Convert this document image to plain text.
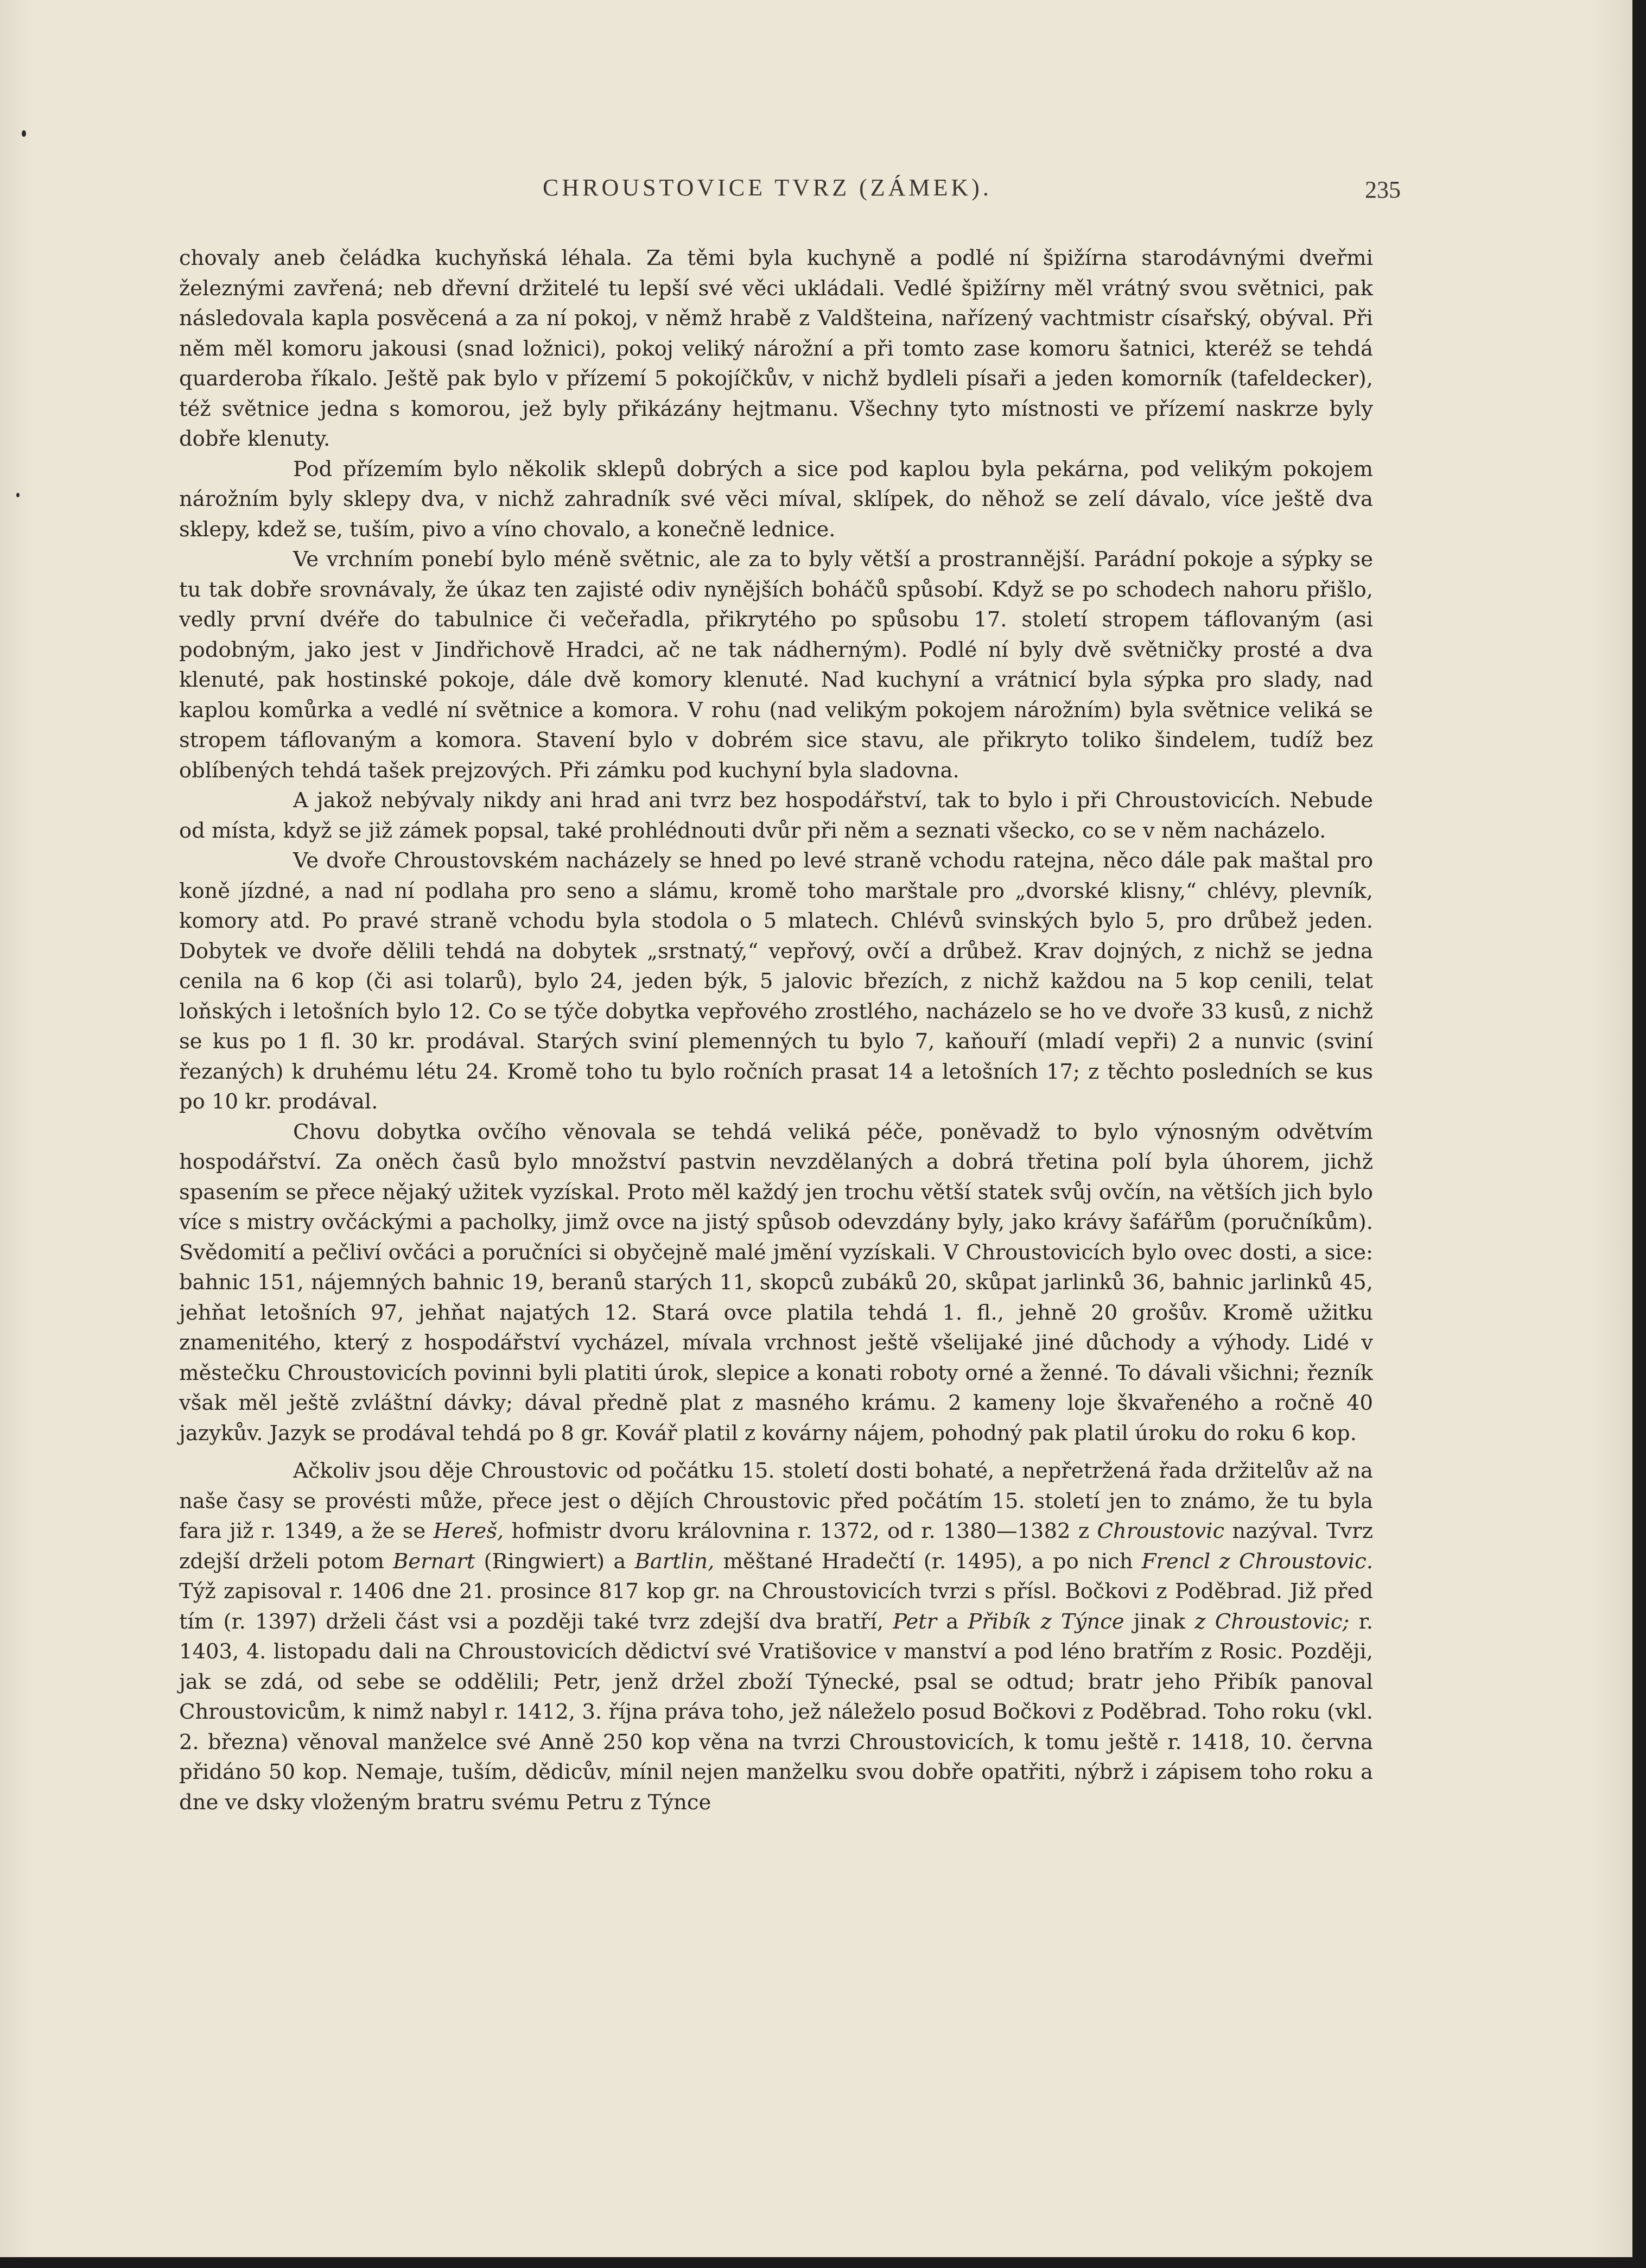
CHROUSTOVICE TVRZ (ZÁMEK).	235

chovaly aneb čeládka kuchyňská léhala. Za těmi byla kuchyně a podlé ní špižírna starodávnými dveřmi železnými zavřená; neb dřevní držitelé tu lepší své věci ukládali. Vedlé špižírny měl vrátný svou světnici, pak následovala kapla posvěcená a za ní pokoj, v němž hrabě z Valdšteina, nařízený vachtmistr císařský, obýval. Při něm měl komoru jakousi (snad ložnici), pokoj veliký nárožní a při tomto zase komoru šatnici, kteréž se tehdá quarderoba říkalo. Ještě pak bylo v přízemí 5 pokojíčkův, v nichž bydleli písaři a jeden komorník (tafeldecker), též světnice jedna s komorou, jež byly přikázány hejtmanu. Všechny tyto místnosti ve přízemí naskrze byly dobře klenuty.

Pod přízemím bylo několik sklepů dobrých a sice pod kaplou byla pekárna, pod velikým pokojem nárožním byly sklepy dva, v nichž zahradník své věci míval, sklípek, do něhož se zelí dávalo, více ještě dva sklepy, kdež se, tuším, pivo a víno chovalo, a konečně lednice.

Ve vrchním ponebí bylo méně světnic, ale za to byly větší a prostrannější. Parádní pokoje a sýpky se tu tak dobře srovnávaly, že úkaz ten zajisté odiv nynějších boháčů spůsobí. Když se po schodech nahoru přišlo, vedly první dvéře do tabulnice či večeřadla, přikrytého po spůsobu 17. století stropem táflovaným (asi podobným, jako jest v Jindřichově Hradci, ač ne tak nádherným). Podlé ní byly dvě světničky prosté a dva klenuté, pak hostinské pokoje, dále dvě komory klenuté. Nad kuchyní a vrátnicí byla sýpka pro slady, nad kaplou komůrka a vedlé ní světnice a komora. V rohu (nad velikým pokojem nárožním) byla světnice veliká se stropem táflovaným a komora. Stavení bylo v dobrém sice stavu, ale přikryto toliko šindelem, tudíž bez oblíbených tehdá tašek prejzových. Při zámku pod kuchyní byla sladovna.

A jakož nebývaly nikdy ani hrad ani tvrz bez hospodářství, tak to bylo i při Chroustovicích. Nebude od místa, když se již zámek popsal, také prohlédnouti dvůr při něm a seznati všecko, co se v něm nacházelo.

Ve dvoře Chroustovském nacházely se hned po levé straně vchodu ratejna, něco dále pak maštal pro koně jízdné, a nad ní podlaha pro seno a slámu, kromě toho marštale pro „dvorské klisny,“ chlévy, plevník, komory atd. Po pravé straně vchodu byla stodola o 5 mlatech. Chlévů svinských bylo 5, pro drůbež jeden. Dobytek ve dvoře dělili tehdá na dobytek „srstnatý,“ vepřový, ovčí a drůbež. Krav dojných, z nichž se jedna cenila na 6 kop (či asi tolarů), bylo 24, jeden býk, 5 jalovic březích, z nichž každou na 5 kop cenili, telat loňských i letošních bylo 12. Co se týče dobytka vepřového zrostlého, nacházelo se ho ve dvoře 33 kusů, z nichž se kus po 1 fl. 30 kr. prodával. Starých sviní plemenných tu bylo 7, kaňouří (mladí vepři) 2 a nunvic (sviní řezaných) k druhému létu 24. Kromě toho tu bylo ročních prasat 14 a letošních 17; z těchto posledních se kus po 10 kr. prodával.

Chovu dobytka ovčího věnovala se tehdá veliká péče, poněvadž to bylo výnosným odvětvím hospodářství. Za oněch časů bylo množství pastvin nevzdělaných a dobrá třetina polí byla úhorem, jichž spasením se přece nějaký užitek vyzískal. Proto měl každý jen trochu větší statek svůj ovčín, na větších jich bylo více s mistry ovčáckými a pacholky, jimž ovce na jistý spůsob odevzdány byly, jako krávy šafářům (poručníkům). Svědomití a pečliví ovčáci a poručníci si obyčejně malé jmění vyzískali. V Chroustovicích bylo ovec dosti, a sice: bahnic 151, nájemných bahnic 19, beranů starých 11, skopců zubáků 20, skůpat jarlinků 36, bahnic jarlinků 45, jehňat letošních 97, jehňat najatých 12. Stará ovce platila tehdá 1. fl., jehně 20 grošův. Kromě užitku znamenitého, který z hospodářství vycházel, mívala vrchnost ještě všelijaké jiné důchody a výhody. Lidé v městečku Chroustovicích povinni byli platiti úrok, slepice a konati roboty orné a ženné. To dávali všichni; řezník však měl ještě zvláštní dávky; dával předně plat z masného krámu. 2 kameny loje škvařeného a ročně 40 jazykův. Jazyk se prodával tehdá po 8 gr. Kovář platil z kovárny nájem, pohodný pak platil úroku do roku 6 kop.

Ačkoliv jsou děje Chroustovic od počátku 15. století dosti bohaté, a nepřetržená řada držitelův až na naše časy se provésti může, přece jest o dějích Chroustovic před počátím 15. století jen to známo, že tu byla fara již r. 1349, a že se Hereš, hofmistr dvoru královnina r. 1372, od r. 1380—1382 z Chroustovic nazýval. Tvrz zdejší drželi potom Bernart (Ringwiert) a Bartlin, měštané Hradečtí (r. 1495), a po nich Frencl z Chroustovic. Týž zapisoval r. 1406 dne 21. prosince 817 kop gr. na Chroustovicích tvrzi s přísl. Bočkovi z Poděbrad. Již před tím (r. 1397) drželi část vsi a později také tvrz zdejší dva bratří, Petr a Přibík z Týnce jinak z Chroustovic; r. 1403, 4. listopadu dali na Chroustovicích dědictví své Vratišovice v manství a pod léno bratřím z Rosic. Později, jak se zdá, od sebe se oddělili; Petr, jenž držel zboží Týnecké, psal se odtud; bratr jeho Přibík panoval Chroustovicům, k nimž nabyl r. 1412, 3. října práva toho, jež náleželo posud Bočkovi z Poděbrad. Toho roku (vkl. 2. března) věnoval manželce své Anně 250 kop věna na tvrzi Chroustovicích, k tomu ještě r. 1418, 10. června přidáno 50 kop. Nemaje, tuším, dědicův, mínil nejen manželku svou dobře opatřiti, nýbrž i zápisem toho roku a dne ve dsky vloženým bratru svému Petru z Týnce
